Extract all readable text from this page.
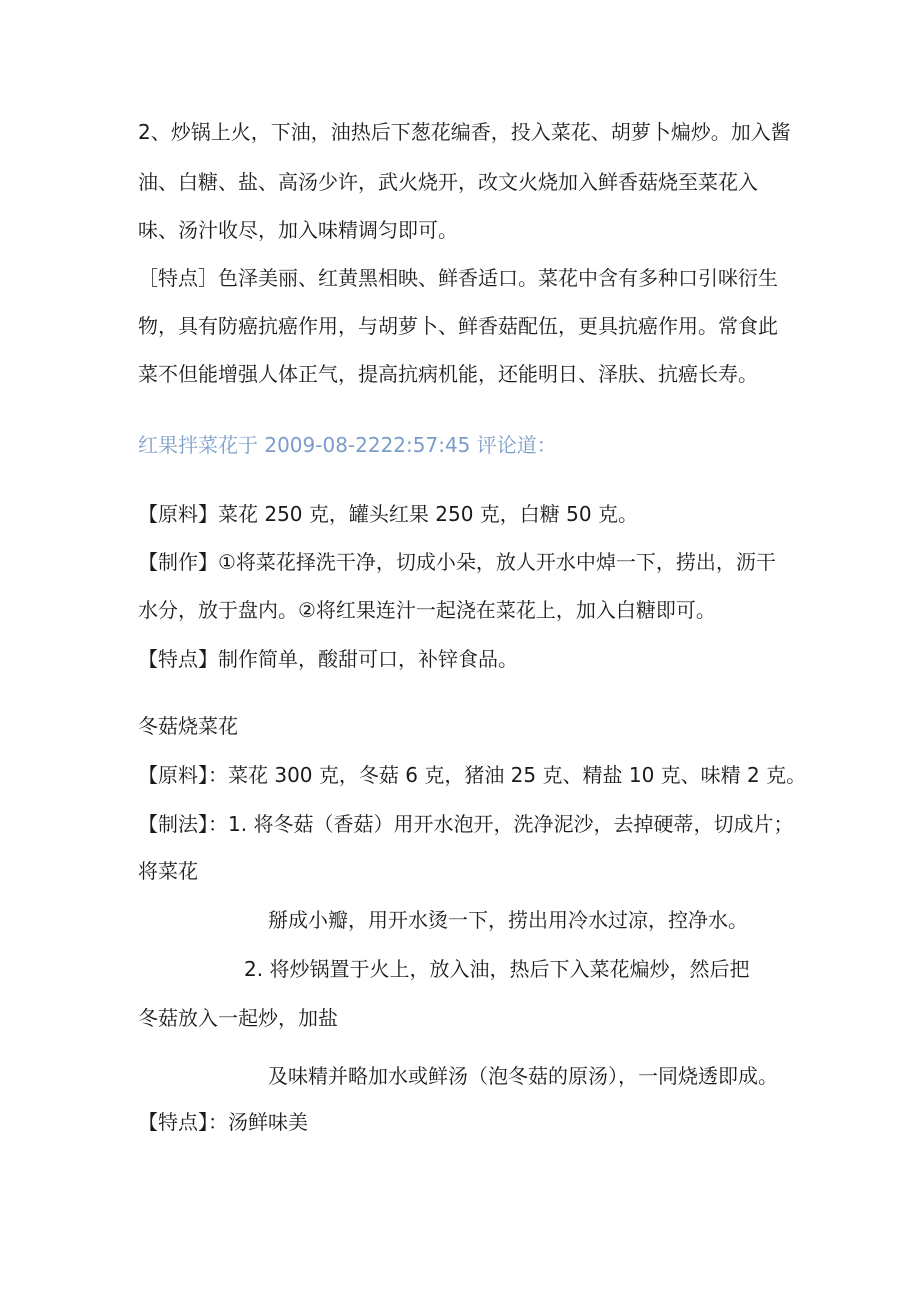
2、炒锅上火，下油，油热后下葱花编香，投入菜花、胡萝卜煸炒。加入酱
油、白糖、盐、高汤少许，武火烧开，改文火烧加入鲜香菇烧至菜花入
味、汤汁收尽，加入味精调匀即可。
［特点］色泽美丽、红黄黑相映、鲜香适口。菜花中含有多种口引咪衍生
物，具有防癌抗癌作用，与胡萝卜、鲜香菇配伍，更具抗癌作用。常食此
菜不但能增强人体正气，提高抗病机能，还能明日、泽肤、抗癌长寿。
红果拌菜花于 2009-08-2222:57:45 评论道：
【原料】菜花 250 克，罐头红果 250 克，白糖 50 克。
【制作】①将菜花择洗干净，切成小朵，放人开水中焯一下，捞出，沥干
水分，放于盘内。②将红果连汁一起浇在菜花上，加入白糖即可。
【特点】制作简单，酸甜可口，补锌食品。
冬菇烧菜花
【原料】：菜花 300 克，冬菇 6 克，猪油 25 克、精盐 10 克、味精 2 克。
【制法】：1. 将冬菇（香菇）用开水泡开，洗净泥沙，去掉硬蒂，切成片；
将菜花
掰成小瓣，用开水烫一下，捞出用冷水过凉，控净水。
2. 将炒锅置于火上，放入油，热后下入菜花煸炒，然后把
冬菇放入一起炒，加盐
及味精并略加水或鲜汤（泡冬菇的原汤），一同烧透即成。
【特点】：汤鲜味美
